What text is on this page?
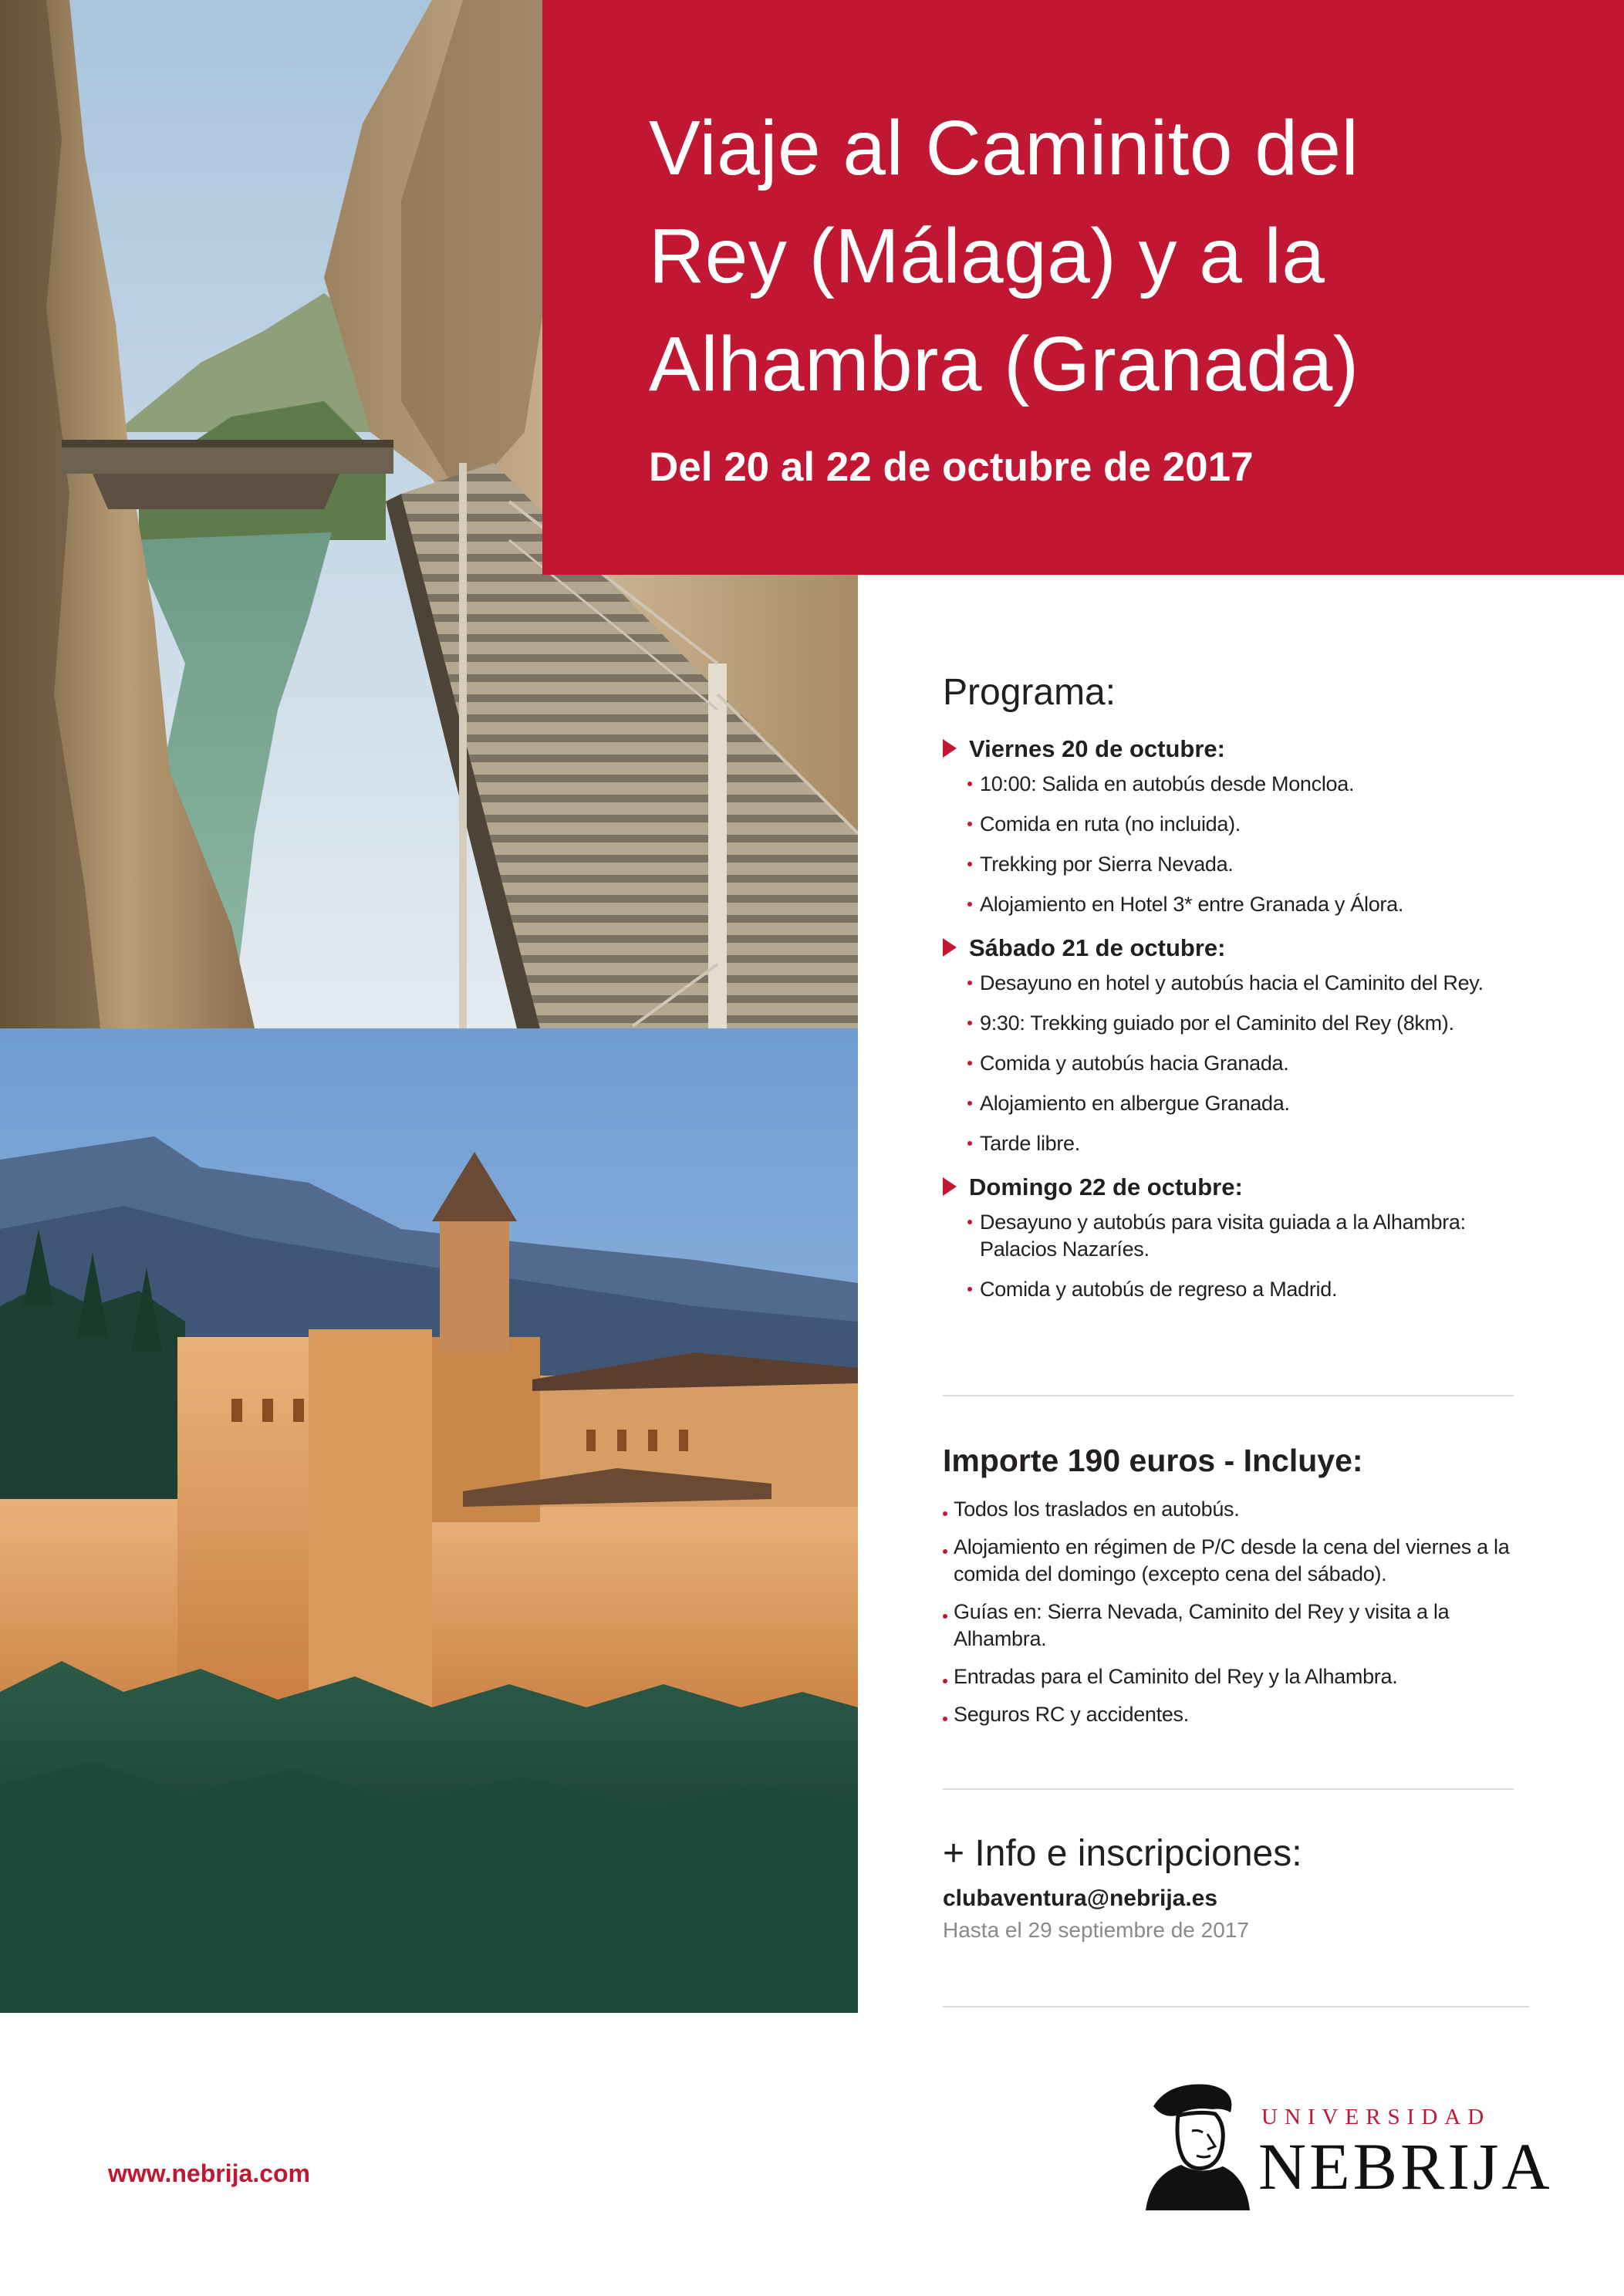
Viaje al Caminito del
Rey (Málaga) y a la
Alhambra (Granada)
Del 20 al 22 de octubre de 2017
Programa:
Viernes 20 de octubre:
10:00: Salida en autobús desde Moncloa.
Comida en ruta (no incluida).
Trekking por Sierra Nevada.
Alojamiento en Hotel 3* entre Granada y Álora.
Sábado 21 de octubre:
Desayuno en hotel y autobús hacia el Caminito del Rey.
9:30: Trekking guiado por el Caminito del Rey (8km).
Comida y autobús hacia Granada.
Alojamiento en albergue Granada.
Tarde libre.
Domingo 22 de octubre:
Desayuno y autobús para visita guiada a la Alhambra: Palacios Nazaríes.
Comida y autobús de regreso a Madrid.
Importe 190 euros - Incluye:
Todos los traslados en autobús.
Alojamiento en régimen de P/C desde la cena del viernes a la comida del domingo (excepto cena del sábado).
Guías en: Sierra Nevada, Caminito del Rey y visita a la Alhambra.
Entradas para el Caminito del Rey y la Alhambra.
Seguros RC y accidentes.
+ Info e inscripciones:

clubaventura@nebrija.es

Hasta el 29 septiembre de 2017

www.nebrija.com
UNIVERSIDAD
NEBRIJA
